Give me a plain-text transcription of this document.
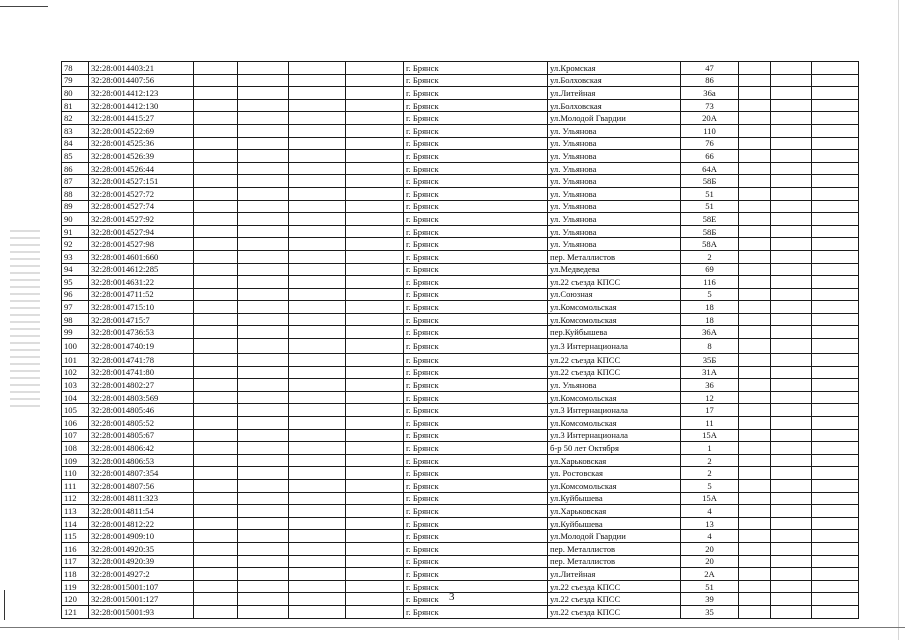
78	32:28:0014403:21					г. Брянск	ул.Кромская	47			
79	32:28:0014407:56					г. Брянск	ул.Болховская	86			
80	32:28:0014412:123					г. Брянск	ул.Литейная	36а			
81	32:28:0014412:130					г. Брянск	ул.Болховская	73			
82	32:28:0014415:27					г. Брянск	ул.Молодой Гвардии	20А			
83	32:28:0014522:69					г. Брянск	ул. Ульянова	110			
84	32:28:0014525:36					г. Брянск	ул. Ульянова	76			
85	32:28:0014526:39					г. Брянск	ул. Ульянова	66			
86	32:28:0014526:44					г. Брянск	ул. Ульянова	64А			
87	32:28:0014527:151					г. Брянск	ул. Ульянова	58Б			
88	32:28:0014527:72					г. Брянск	ул. Ульянова	51			
89	32:28:0014527:74					г. Брянск	ул. Ульянова	51			
90	32:28:0014527:92					г. Брянск	ул. Ульянова	58Е			
91	32:28:0014527:94					г. Брянск	ул. Ульянова	58Б			
92	32:28:0014527:98					г. Брянск	ул. Ульянова	58А			
93	32:28:0014601:660					г. Брянск	пер. Металлистов	2			
94	32:28:0014612:285					г. Брянск	ул.Медведева	69			
95	32:28:0014631:22					г. Брянск	ул.22 съезда КПСС	116			
96	32:28:0014711:52					г. Брянск	ул.Союзная	5			
97	32:28:0014715:10					г. Брянск	ул.Комсомольская	18			
98	32:28:0014715:7					г. Брянск	ул.Комсомольская	18			
99	32:28:0014736:53					г. Брянск	пер.Куйбышева	36А			
100	32:28:0014740:19					г. Брянск	ул.3 Интернационала	8			
101	32:28:0014741:78					г. Брянск	ул.22 съезда КПСС	35Б			
102	32:28:0014741:80					г. Брянск	ул.22 съезда КПСС	31А			
103	32:28:0014802:27					г. Брянск	ул. Ульянова	36			
104	32:28:0014803:569					г. Брянск	ул.Комсомольская	12			
105	32:28:0014805:46					г. Брянск	ул.3 Интернационала	17			
106	32:28:0014805:52					г. Брянск	ул.Комсомольская	11			
107	32:28:0014805:67					г. Брянск	ул.3 Интернационала	15А			
108	32:28:0014806:42					г. Брянск	б-р 50 лет Октября	1			
109	32:28:0014806:53					г. Брянск	ул.Харьковская	2			
110	32:28:0014807:354					г. Брянск	ул. Ростовская	2			
111	32:28:0014807:56					г. Брянск	ул.Комсомольская	5			
112	32:28:0014811:323					г. Брянск	ул.Куйбышева	15А			
113	32:28:0014811:54					г. Брянск	ул.Харьковская	4			
114	32:28:0014812:22					г. Брянск	ул.Куйбышева	13			
115	32:28:0014909:10					г. Брянск	ул.Молодой Гвардии	4			
116	32:28:0014920:35					г. Брянск	пер. Металлистов	20			
117	32:28:0014920:39					г. Брянск	пер. Металлистов	20			
118	32:28:0014927:2					г. Брянск	ул.Литейная	2А			
119	32:28:0015001:107					г. Брянск	ул.22 съезда КПСС	51			
120	32:28:0015001:127					г. Брянск	ул.22 съезда КПСС	39			
121	32:28:0015001:93					г. Брянск	ул.22 съезда КПСС	35			
3
